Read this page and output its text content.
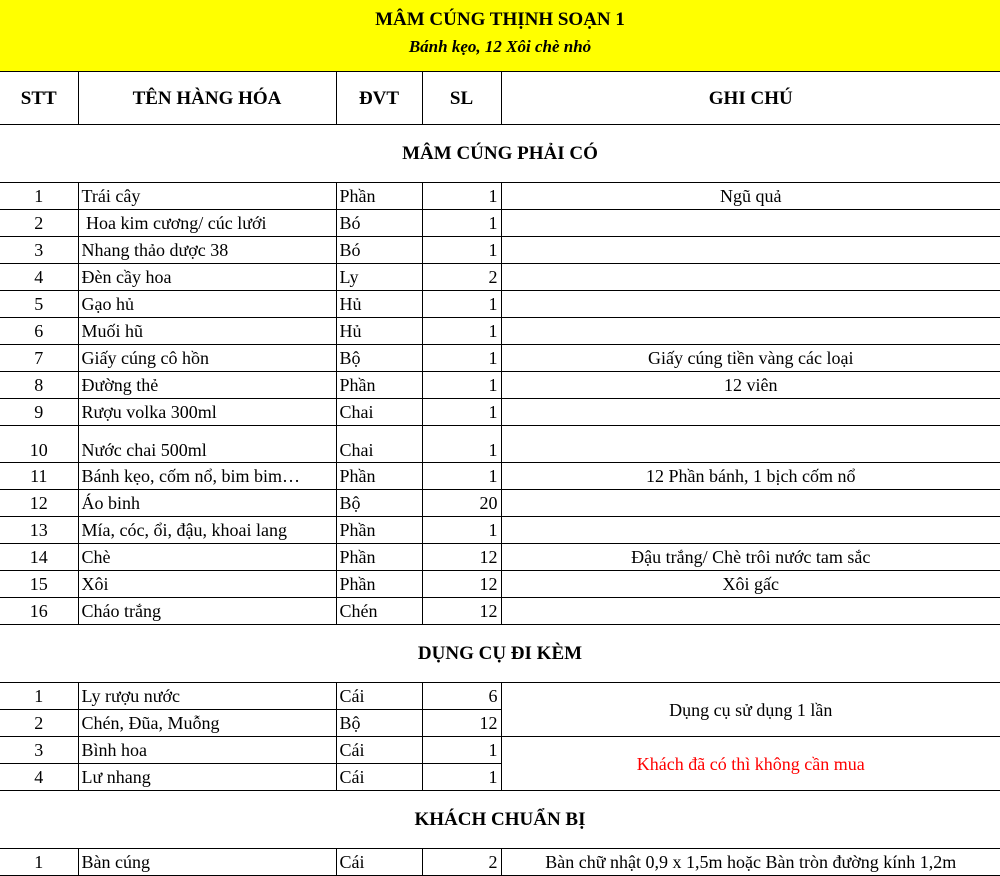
MÂM CÚNG THỊNH SOẠN 1
Bánh kẹo, 12 Xôi chè nhỏ
STT	TÊN HÀNG HÓA	ĐVT	SL	GHI CHÚ
MÂM CÚNG PHẢI CÓ				
1	Trái cây	Phần	1	Ngũ quả
2	Hoa kim cương/ cúc lưới	Bó	1	
3	Nhang thảo dược 38	Bó	1	
4	Đèn cầy hoa	Ly	2	
5	Gạo hủ	Hủ	1	
6	Muối hũ	Hủ	1	
7	Giấy cúng cô hồn	Bộ	1	Giấy cúng tiền vàng các loại
8	Đường thẻ	Phần	1	12 viên
9	Rượu volka 300ml	Chai	1	
10	Nước chai 500ml	Chai	1	
11	Bánh kẹo, cốm nổ, bim bim…	Phần	1	12 Phần bánh, 1 bịch cốm nổ
12	Áo binh	Bộ	20	
13	Mía, cóc, ổi, đậu, khoai lang	Phần	1	
14	Chè	Phần	12	Đậu trắng/ Chè trôi nước tam sắc
15	Xôi	Phần	12	Xôi gấc
16	Cháo trắng	Chén	12	
DỤNG CỤ ĐI KÈM				
1	Ly rượu nước	Cái	6	Dụng cụ sử dụng 1 lần
2	Chén, Đũa, Muỗng	Bộ	12	
3	Bình hoa	Cái	1	Khách đã có thì không cần mua
4	Lư nhang	Cái	1	
KHÁCH CHUẨN BỊ				
1	Bàn cúng	Cái	2	Bàn chữ nhật 0,9 x 1,5m hoặc Bàn tròn đường kính 1,2m
